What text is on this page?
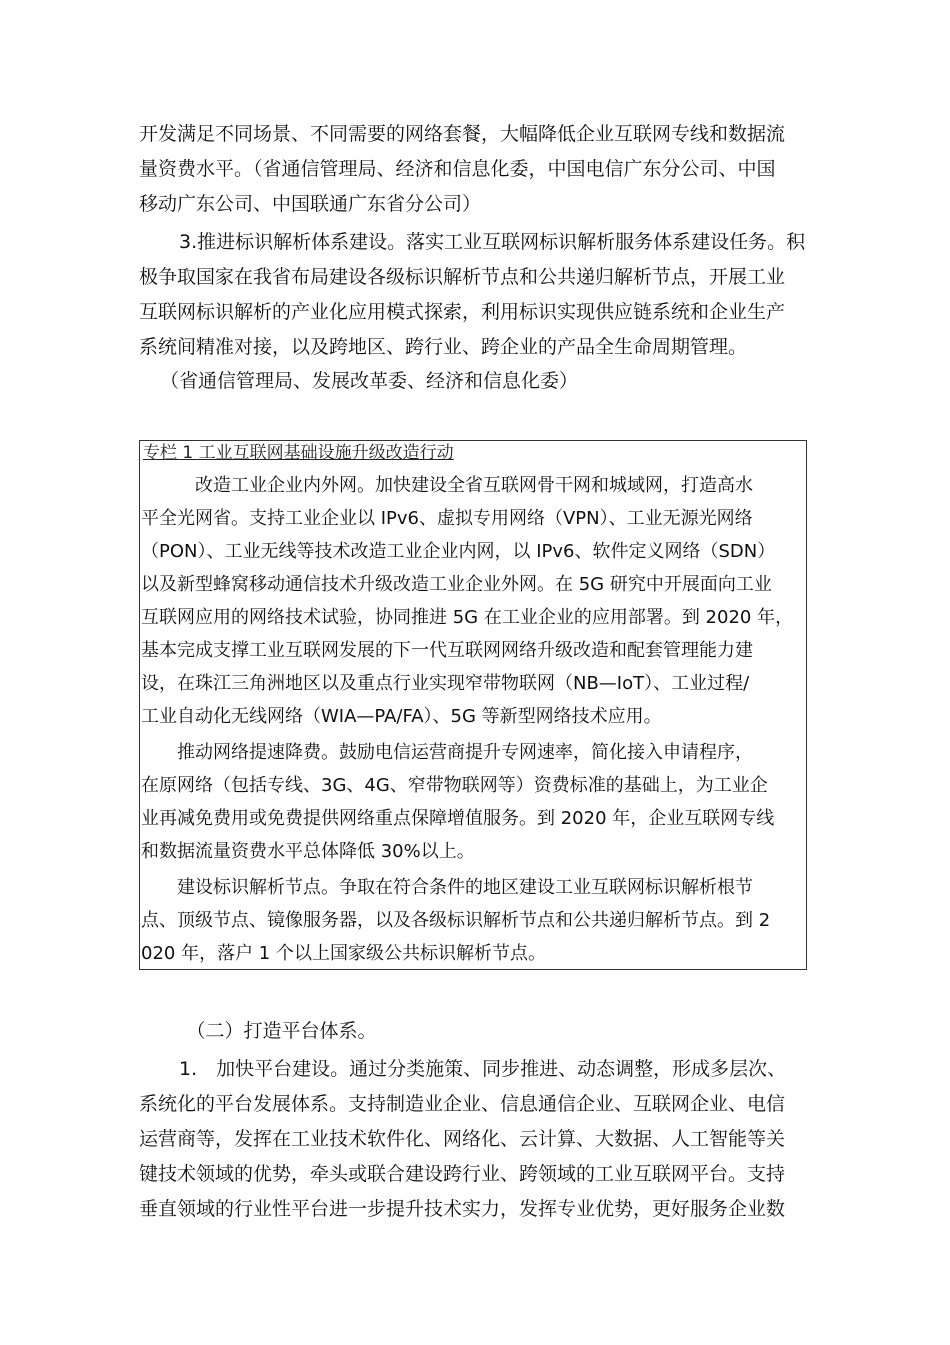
开发满足不同场景、不同需要的网络套餐，大幅降低企业互联网专线和数据流
量资费水平。（省通信管理局、经济和信息化委，中国电信广东分公司、中国
移动广东公司、中国联通广东省分公司）
　3.推进标识解析体系建设。落实工业互联网标识解析服务体系建设任务。积
极争取国家在我省布局建设各级标识解析节点和公共递归解析节点，开展工业
互联网标识解析的产业化应用模式探索，利用标识实现供应链系统和企业生产
系统间精准对接，以及跨地区、跨行业、跨企业的产品全生命周期管理。
（省通信管理局、发展改革委、经济和信息化委）
专栏 1 工业互联网基础设施升级改造行动
　　　改造工业企业内外网。加快建设全省互联网骨干网和城域网，打造高水
平全光网省。支持工业企业以 IPv6、虚拟专用网络（VPN）、工业无源光网络
（PON）、工业无线等技术改造工业企业内网，以 IPv6、软件定义网络（SDN）
以及新型蜂窝移动通信技术升级改造工业企业外网。在 5G 研究中开展面向工业
互联网应用的网络技术试验，协同推进 5G 在工业企业的应用部署。到 2020 年，
基本完成支撑工业互联网发展的下一代互联网网络升级改造和配套管理能力建
设，在珠江三角洲地区以及重点行业实现窄带物联网（NB—IoT）、工业过程/
工业自动化无线网络（WIA—PA/FA）、5G 等新型网络技术应用。
　　推动网络提速降费。鼓励电信运营商提升专网速率，简化接入申请程序，
在原网络（包括专线、3G、4G、窄带物联网等）资费标准的基础上，为工业企
业再减免费用或免费提供网络重点保障增值服务。到 2020 年，企业互联网专线
和数据流量资费水平总体降低 30%以上。
　　建设标识解析节点。争取在符合条件的地区建设工业互联网标识解析根节
点、顶级节点、镜像服务器，以及各级标识解析节点和公共递归解析节点。到 2
020 年，落户 1 个以上国家级公共标识解析节点。
　　　（二）打造平台体系。
　1.　加快平台建设。通过分类施策、同步推进、动态调整，形成多层次、
系统化的平台发展体系。支持制造业企业、信息通信企业、互联网企业、电信
运营商等，发挥在工业技术软件化、网络化、云计算、大数据、人工智能等关
键技术领域的优势，牵头或联合建设跨行业、跨领域的工业互联网平台。支持
垂直领域的行业性平台进一步提升技术实力，发挥专业优势，更好服务企业数
